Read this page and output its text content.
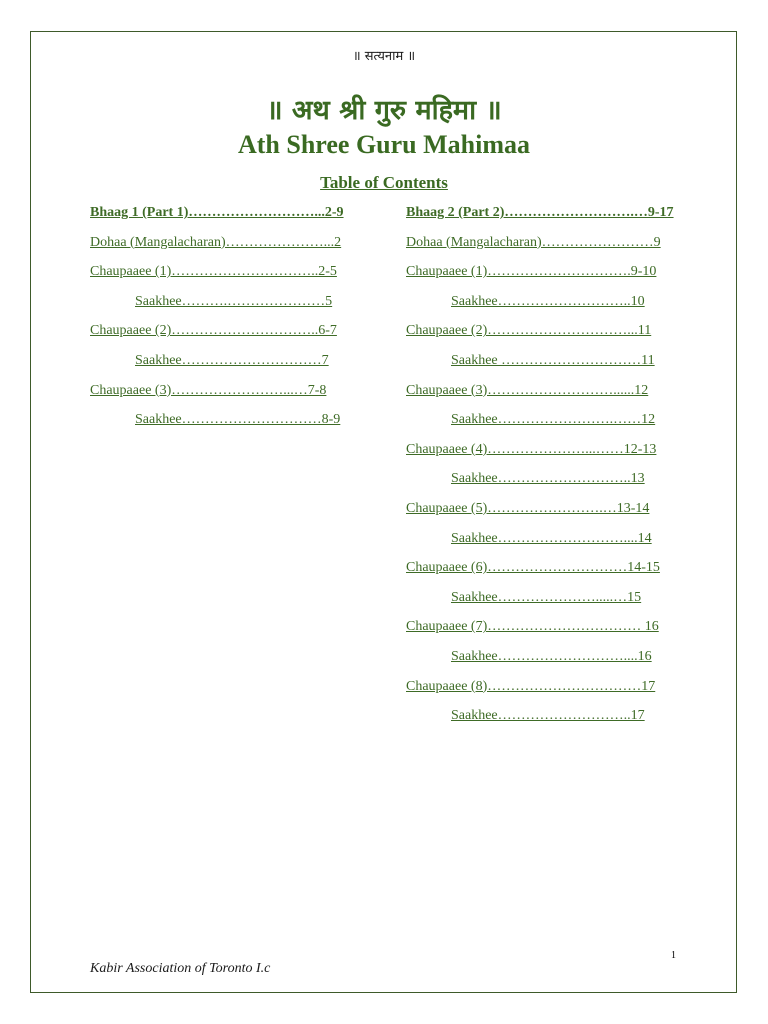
॥ सत्यनाम ॥
॥ अथ श्री गुरु महिमा ॥
Ath Shree Guru Mahimaa
Table of Contents
Bhaag 1 (Part 1)………………………...2-9
Dohaa (Mangalacharan)…………………...2
Chaupaaee (1)…………………………..2-5
Saakhee……….…………………5
Chaupaaee (2)…………………………..6-7
Saakhee…………………………7
Chaupaaee (3)……………………...…7-8
Saakhee…………………………8-9
Bhaag 2 (Part 2)……………………….…9-17
Dohaa (Mangalacharan)……………………9
Chaupaaee (1)………………………….9-10
Saakhee………………………..10
Chaupaaee (2)…………………………...11
Saakhee …………………………11
Chaupaaee (3)………………………......12
Saakhee…………………….……12
Chaupaaee (4)…………………...……12-13
Saakhee………………………..13
Chaupaaee (5)…………………….…13-14
Saakhee………………………....14
Chaupaaee (6)…………………………14-15
Saakhee………………….....…15
Chaupaaee (7)…………………………… 16
Saakhee………………………....16
Chaupaaee (8)……………………………17
Saakhee………………………..17
1
Kabir Association of Toronto I.c
